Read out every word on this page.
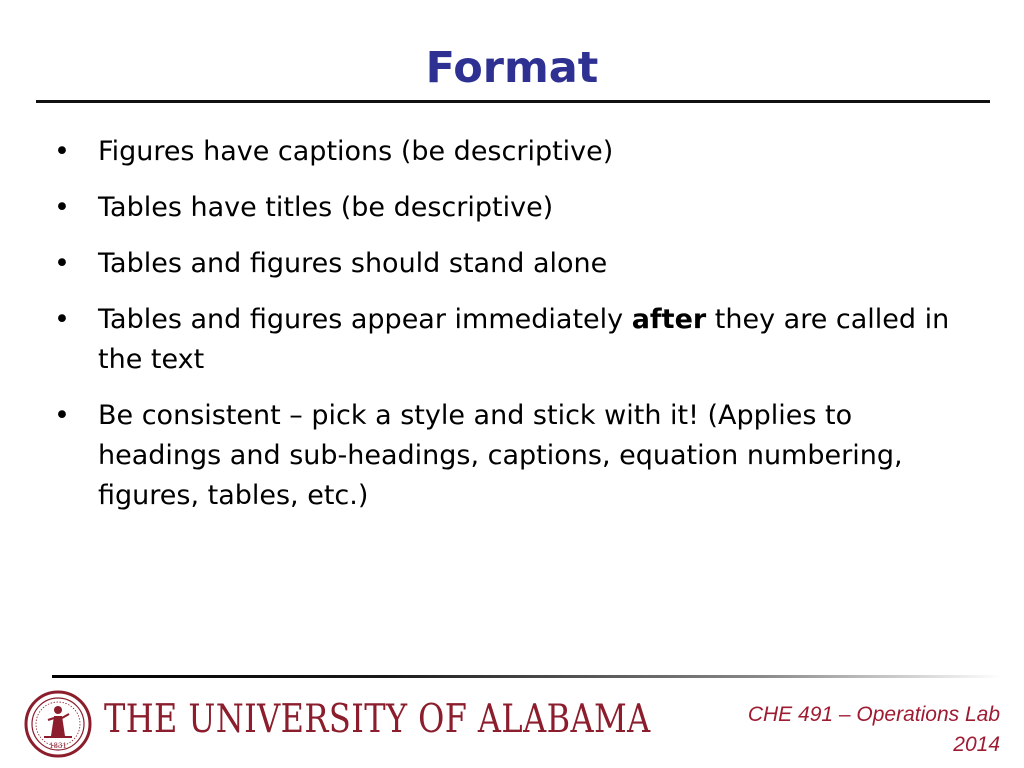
Format
• Figures have captions (be descriptive)
• Tables have titles (be descriptive)
• Tables and figures should stand alone
• Tables and figures appear immediately after they are called in the text
• Be consistent – pick a style and stick with it! (Applies to headings and sub-headings, captions, equation numbering, figures, tables, etc.)
1831
THE UNIVERSITY OF ALABAMA	CHE 491 – Operations Lab
2014
